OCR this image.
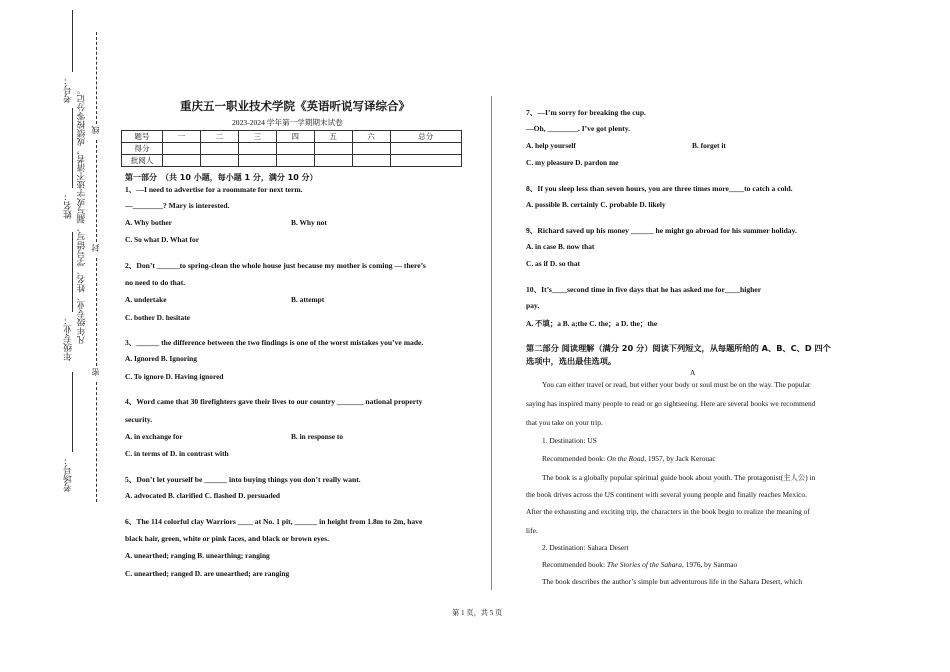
考号：
姓名：
年级专业：
考场号：
凡年级专业、姓名、学号错写、漏写或字迹不清者，成绩按零分记。 线
封
密
重庆五一职业技术学院《英语听说写译综合》
2023-2024 学年第一学期期末试卷
题号	一	二	三	四	五	六	总分
得分							
批阅人							
第一部分　（共 10 小题，每小题 1 分，满分 10 分）
1、—I need to advertise for a roommate for next term.
—________? Mary is interested.
A. Why bother	B. Why not
C. So what D. What for
2、Don’t ______to spring-clean the whole house just because my mother is coming — there’s
no need to do that.
A. undertake	B. attempt
C. bother D. hesitate
3、______ the difference between the two findings is one of the worst mistakes you’ve made.
A. Ignored B. Ignoring
C. To ignore D. Having ignored
4、Word came that 30 firefighters gave their lives to our country _______ national property
security.
A. in exchange for	B. in response to
C. in terms of D. in contrast with
5、Don’t let yourself be ______ into buying things you don’t really want.
A. advocated B. clarified C. flashed D. persuaded
6、The 114 colorful clay Warriors ____ at No. 1 pit, ______ in height from 1.8m to 2m, have
black hair, green, white or pink faces, and black or brown eyes.
A. unearthed; ranging B. unearthing; ranging
C. unearthed; ranged D. are unearthed; are ranging
7、—I’m sorry for breaking the cup.
—Oh, ________. I’ve got plenty.
A. help yourself	B. forget it
C. my pleasure D. pardon me
8、If you sleep less than seven hours, you are three times more____to catch a cold.
A. possible B. certainly C. probable D. likely
9、Richard saved up his money ______ he might go abroad for his summer holiday.
A. in case B. now that
C. as if D. so that
10、It’s____second time in five days that he has asked me for____higher
pay.
A. 不填；a B. a;the C. the；a D. the；the
第二部分 阅读理解（满分 20 分）阅读下列短文，从每题所给的 A、B、C、D 四个
选项中，选出最佳选项。
A
You can either travel or read, but either your body or soul must be on the way. The popular
saying has inspired many people to read or go sightseeing. Here are several books we recommend
that you take on your trip.
1. Destination: US
Recommended book: On the Road, 1957, by Jack Kerouac
The book is a globally popular spiritual guide book about youth. The protagonist(主人公) in
the book drives across the US continent with several young people and finally reaches Mexico.
After the exhausting and exciting trip, the characters in the book begin to realize the meaning of
life.
2. Destination: Sahara Desert
Recommended book: The Stories of the Sahara, 1976, by Sanmao
The book describes the author’s simple but adventurous life in the Sahara Desert, which
第 1 页，共 5 页
